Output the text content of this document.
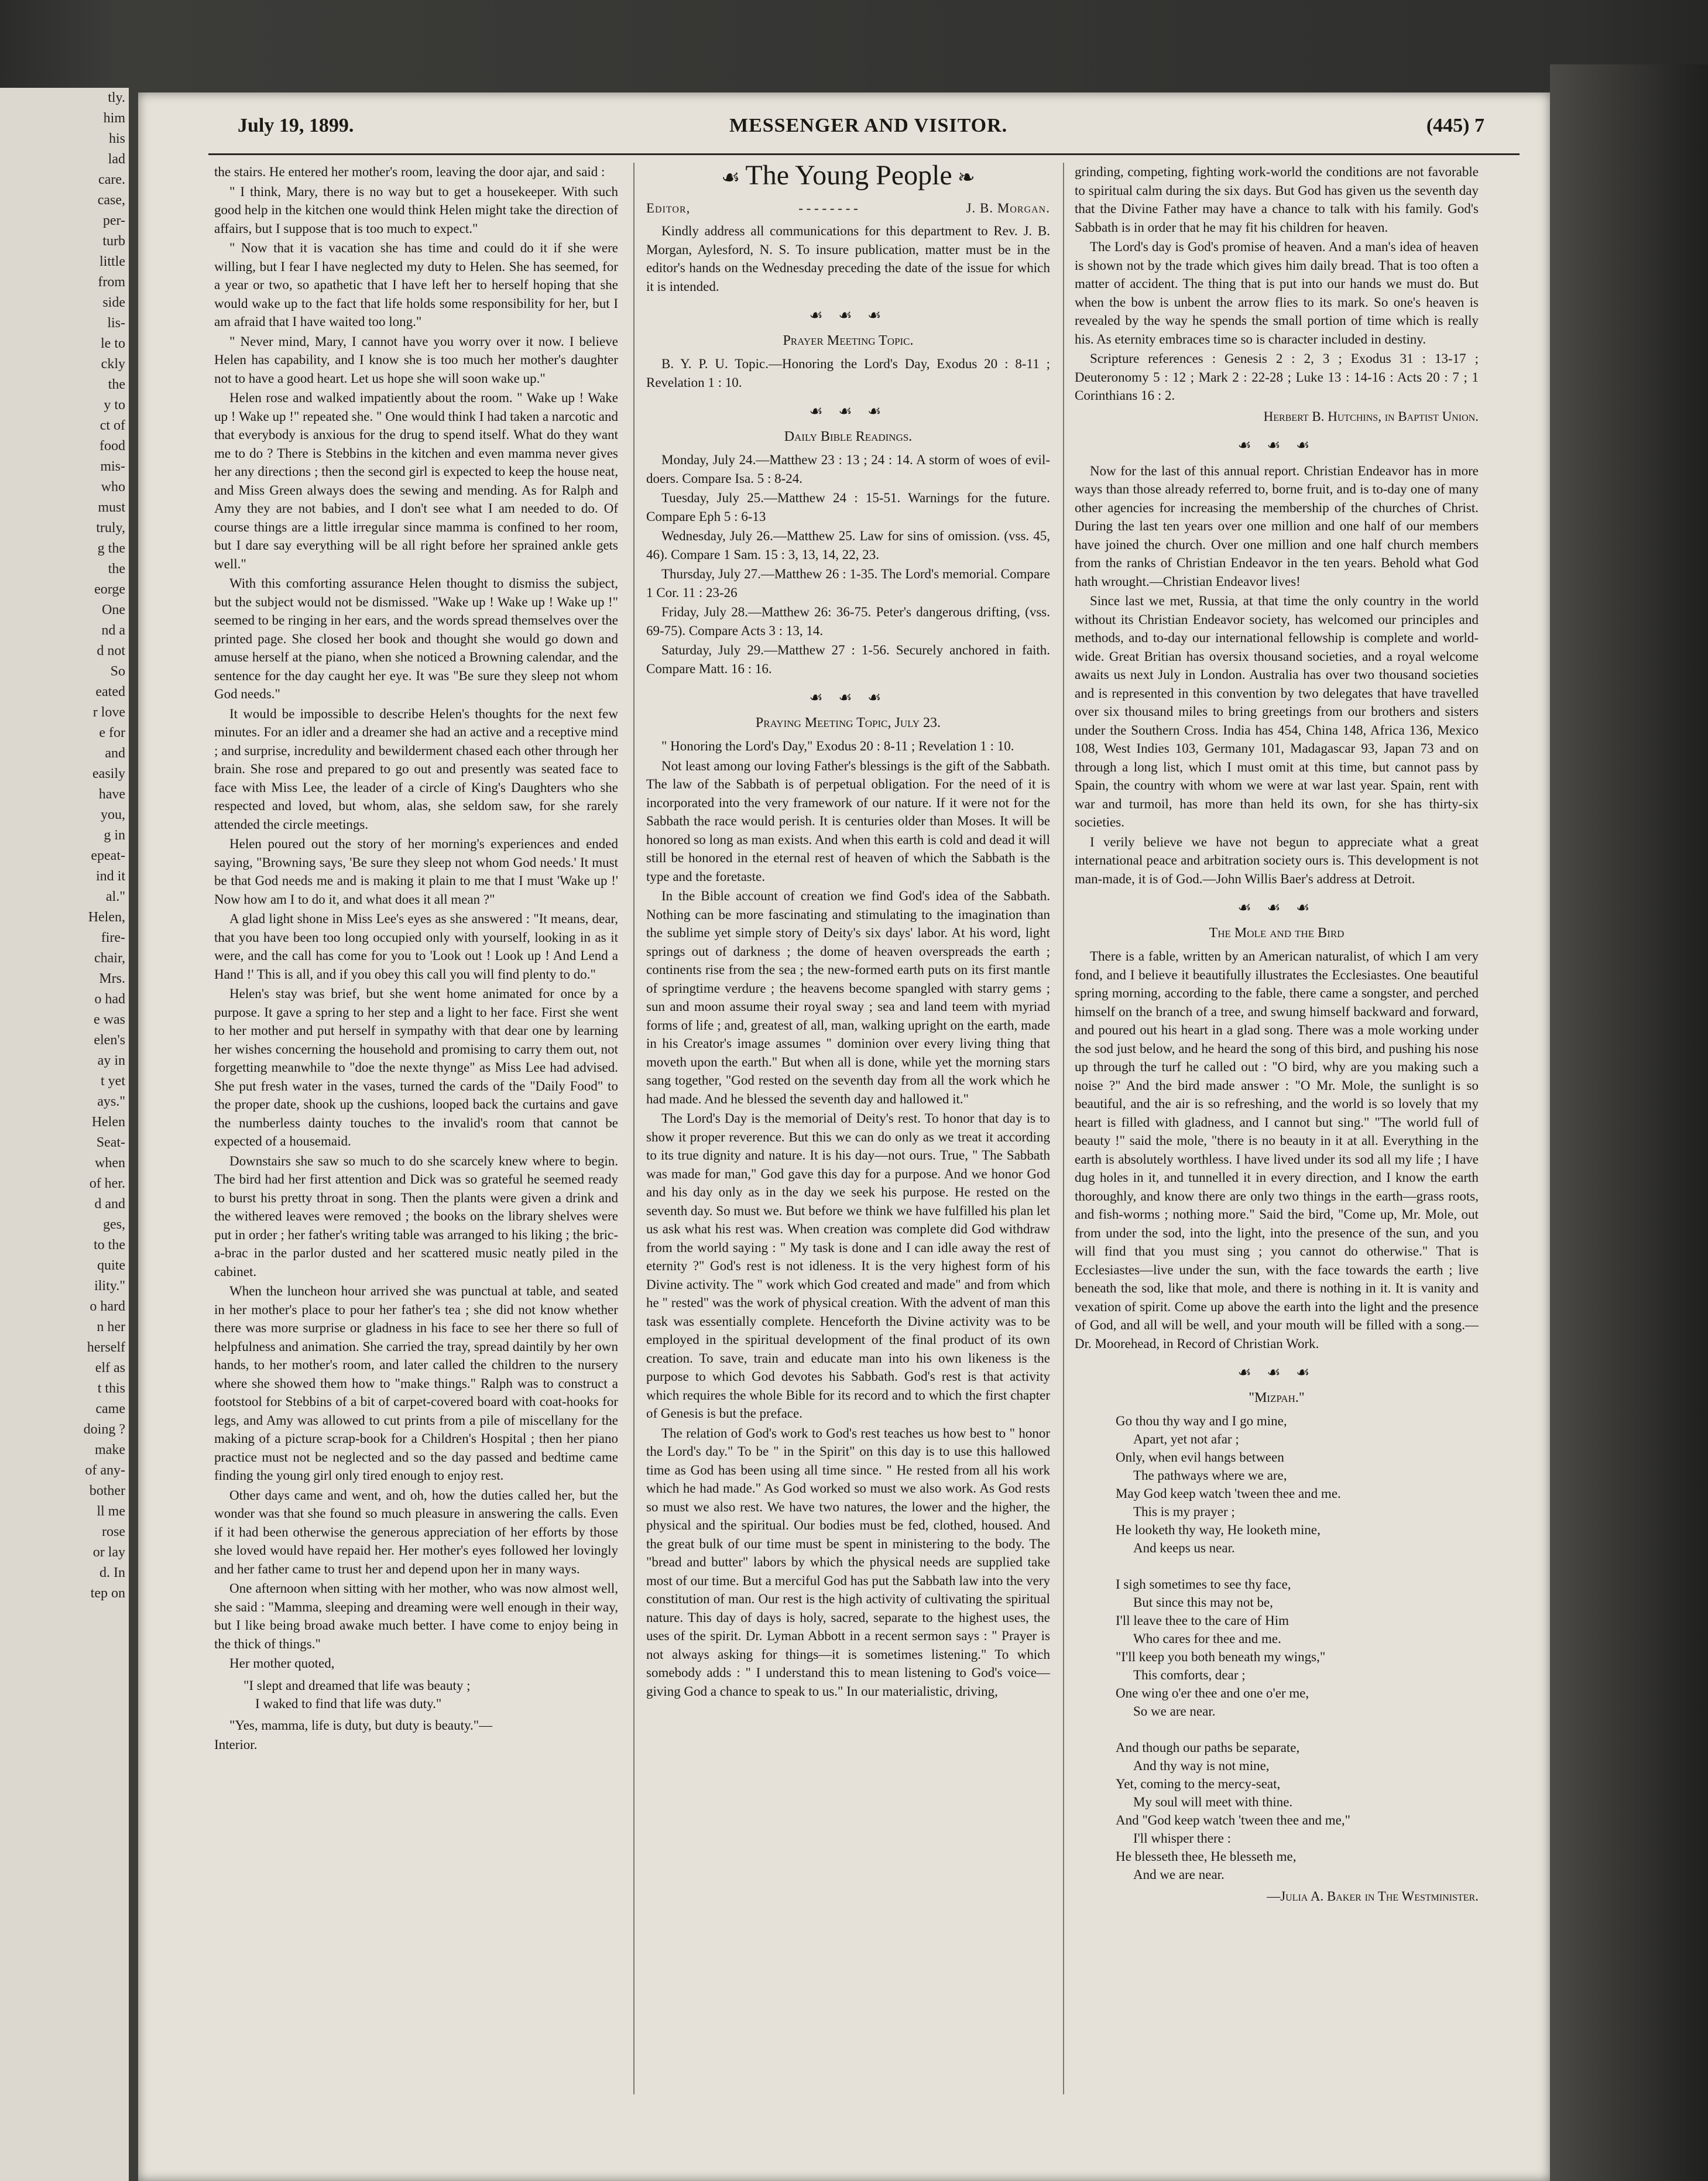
tly.
him
his
lad
care.
case,
per-
turb
little
from
side
lis-
le to
ckly
the
y to
ct of
food
mis-
who
must
truly,
g the
the
eorge
One
nd a
d not
So
eated
r love
e for
and
easily
have
you,
g in
epeat-
ind it
al."
Helen,
fire-
chair,
Mrs.
o had
e was
elen's
ay in
t yet
ays."
Helen
Seat-
when
of her.
d and
ges,
to the
quite
ility."
o hard
n her
herself
elf as
t this
came
doing ?
make
of any-
bother
ll me
rose
or lay
d. In
tep on
July 19, 1899.	MESSENGER AND VISITOR.	(445) 7

the stairs. He entered her mother's room, leaving the door ajar, and said :

" I think, Mary, there is no way but to get a housekeeper. With such good help in the kitchen one would think Helen might take the direction of affairs, but I suppose that is too much to expect."

" Now that it is vacation she has time and could do it if she were willing, but I fear I have neglected my duty to Helen. She has seemed, for a year or two, so apathetic that I have left her to herself hoping that she would wake up to the fact that life holds some responsibility for her, but I am afraid that I have waited too long."

" Never mind, Mary, I cannot have you worry over it now. I believe Helen has capability, and I know she is too much her mother's daughter not to have a good heart. Let us hope she will soon wake up."

Helen rose and walked impatiently about the room. " Wake up ! Wake up ! Wake up !" repeated she. " One would think I had taken a narcotic and that everybody is anxious for the drug to spend itself. What do they want me to do ? There is Stebbins in the kitchen and even mamma never gives her any directions ; then the second girl is expected to keep the house neat, and Miss Green always does the sewing and mending. As for Ralph and Amy they are not babies, and I don't see what I am needed to do. Of course things are a little irregular since mamma is confined to her room, but I dare say everything will be all right before her sprained ankle gets well."

With this comforting assurance Helen thought to dismiss the subject, but the subject would not be dismissed. "Wake up ! Wake up ! Wake up !" seemed to be ringing in her ears, and the words spread themselves over the printed page. She closed her book and thought she would go down and amuse herself at the piano, when she noticed a Browning calendar, and the sentence for the day caught her eye. It was "Be sure they sleep not whom God needs."

It would be impossible to describe Helen's thoughts for the next few minutes. For an idler and a dreamer she had an active and a receptive mind ; and surprise, incredulity and bewilderment chased each other through her brain. She rose and prepared to go out and presently was seated face to face with Miss Lee, the leader of a circle of King's Daughters who she respected and loved, but whom, alas, she seldom saw, for she rarely attended the circle meetings.

Helen poured out the story of her morning's experiences and ended saying, "Browning says, 'Be sure they sleep not whom God needs.' It must be that God needs me and is making it plain to me that I must 'Wake up !' Now how am I to do it, and what does it all mean ?"

A glad light shone in Miss Lee's eyes as she answered : "It means, dear, that you have been too long occupied only with yourself, looking in as it were, and the call has come for you to 'Look out ! Look up ! And Lend a Hand !' This is all, and if you obey this call you will find plenty to do."

Helen's stay was brief, but she went home animated for once by a purpose. It gave a spring to her step and a light to her face. First she went to her mother and put herself in sympathy with that dear one by learning her wishes concerning the household and promising to carry them out, not forgetting meanwhile to "doe the nexte thynge" as Miss Lee had advised. She put fresh water in the vases, turned the cards of the "Daily Food" to the proper date, shook up the cushions, looped back the curtains and gave the numberless dainty touches to the invalid's room that cannot be expected of a housemaid.

Downstairs she saw so much to do she scarcely knew where to begin. The bird had her first attention and Dick was so grateful he seemed ready to burst his pretty throat in song. Then the plants were given a drink and the withered leaves were removed ; the books on the library shelves were put in order ; her father's writing table was arranged to his liking ; the bric-a-brac in the parlor dusted and her scattered music neatly piled in the cabinet.

When the luncheon hour arrived she was punctual at table, and seated in her mother's place to pour her father's tea ; she did not know whether there was more surprise or gladness in his face to see her there so full of helpfulness and animation. She carried the tray, spread daintily by her own hands, to her mother's room, and later called the children to the nursery where she showed them how to "make things." Ralph was to construct a footstool for Stebbins of a bit of carpet-covered board with coat-hooks for legs, and Amy was allowed to cut prints from a pile of miscellany for the making of a picture scrap-book for a Children's Hospital ; then her piano practice must not be neglected and so the day passed and bedtime came finding the young girl only tired enough to enjoy rest.

Other days came and went, and oh, how the duties called her, but the wonder was that she found so much pleasure in answering the calls. Even if it had been otherwise the generous appreciation of her efforts by those she loved would have repaid her. Her mother's eyes followed her lovingly and her father came to trust her and depend upon her in many ways.

One afternoon when sitting with her mother, who was now almost well, she said : "Mamma, sleeping and dreaming were well enough in their way, but I like being broad awake much better. I have come to enjoy being in the thick of things."

Her mother quoted,

"I slept and dreamed that life was beauty ;
I waked to find that life was duty."

"Yes, mamma, life is duty, but duty is beauty."—

Interior.

☙ The Young People ❧
Editor,	- - - - - - - -	J. B. Morgan.

Kindly address all communications for this department to Rev. J. B. Morgan, Aylesford, N. S. To insure publication, matter must be in the editor's hands on the Wednesday preceding the date of the issue for which it is intended.

☙ ☙ ☙
Prayer Meeting Topic.

B. Y. P. U. Topic.—Honoring the Lord's Day, Exodus 20 : 8-11 ; Revelation 1 : 10.

☙ ☙ ☙
Daily Bible Readings.

Monday, July 24.—Matthew 23 : 13 ; 24 : 14. A storm of woes of evil-doers. Compare Isa. 5 : 8-24.

Tuesday, July 25.—Matthew 24 : 15-51. Warnings for the future. Compare Eph 5 : 6-13

Wednesday, July 26.—Matthew 25. Law for sins of omission. (vss. 45, 46). Compare 1 Sam. 15 : 3, 13, 14, 22, 23.

Thursday, July 27.—Matthew 26 : 1-35. The Lord's memorial. Compare 1 Cor. 11 : 23-26

Friday, July 28.—Matthew 26: 36-75. Peter's dangerous drifting, (vss. 69-75). Compare Acts 3 : 13, 14.

Saturday, July 29.—Matthew 27 : 1-56. Securely anchored in faith. Compare Matt. 16 : 16.

☙ ☙ ☙
Praying Meeting Topic, July 23.

" Honoring the Lord's Day," Exodus 20 : 8-11 ; Revelation 1 : 10.

Not least among our loving Father's blessings is the gift of the Sabbath. The law of the Sabbath is of perpetual obligation. For the need of it is incorporated into the very framework of our nature. If it were not for the Sabbath the race would perish. It is centuries older than Moses. It will be honored so long as man exists. And when this earth is cold and dead it will still be honored in the eternal rest of heaven of which the Sabbath is the type and the foretaste.

In the Bible account of creation we find God's idea of the Sabbath. Nothing can be more fascinating and stimulating to the imagination than the sublime yet simple story of Deity's six days' labor. At his word, light springs out of darkness ; the dome of heaven overspreads the earth ; continents rise from the sea ; the new-formed earth puts on its first mantle of springtime verdure ; the heavens become spangled with starry gems ; sun and moon assume their royal sway ; sea and land teem with myriad forms of life ; and, greatest of all, man, walking upright on the earth, made in his Creator's image assumes " dominion over every living thing that moveth upon the earth." But when all is done, while yet the morning stars sang together, "God rested on the seventh day from all the work which he had made. And he blessed the seventh day and hallowed it."

The Lord's Day is the memorial of Deity's rest. To honor that day is to show it proper reverence. But this we can do only as we treat it according to its true dignity and nature. It is his day—not ours. True, " The Sabbath was made for man," God gave this day for a purpose. And we honor God and his day only as in the day we seek his purpose. He rested on the seventh day. So must we. But before we think we have fulfilled his plan let us ask what his rest was. When creation was complete did God withdraw from the world saying : " My task is done and I can idle away the rest of eternity ?" God's rest is not idleness. It is the very highest form of his Divine activity. The " work which God created and made" and from which he " rested" was the work of physical creation. With the advent of man this task was essentially complete. Henceforth the Divine activity was to be employed in the spiritual development of the final product of its own creation. To save, train and educate man into his own likeness is the purpose to which God devotes his Sabbath. God's rest is that activity which requires the whole Bible for its record and to which the first chapter of Genesis is but the preface.

The relation of God's work to God's rest teaches us how best to " honor the Lord's day." To be " in the Spirit" on this day is to use this hallowed time as God has been using all time since. " He rested from all his work which he had made." As God worked so must we also work. As God rests so must we also rest. We have two natures, the lower and the higher, the physical and the spiritual. Our bodies must be fed, clothed, housed. And the great bulk of our time must be spent in ministering to the body. The "bread and butter" labors by which the physical needs are supplied take most of our time. But a merciful God has put the Sabbath law into the very constitution of man. Our rest is the high activity of cultivating the spiritual nature. This day of days is holy, sacred, separate to the highest uses, the uses of the spirit. Dr. Lyman Abbott in a recent sermon says : " Prayer is not always asking for things—it is sometimes listening." To which somebody adds : " I understand this to mean listening to God's voice—giving God a chance to speak to us." In our materialistic, driving,

grinding, competing, fighting work-world the conditions are not favorable to spiritual calm during the six days. But God has given us the seventh day that the Divine Father may have a chance to talk with his family. God's Sabbath is in order that he may fit his children for heaven.

The Lord's day is God's promise of heaven. And a man's idea of heaven is shown not by the trade which gives him daily bread. That is too often a matter of accident. The thing that is put into our hands we must do. But when the bow is unbent the arrow flies to its mark. So one's heaven is revealed by the way he spends the small portion of time which is really his. As eternity embraces time so is character included in destiny.

Scripture references : Genesis 2 : 2, 3 ; Exodus 31 : 13-17 ; Deuteronomy 5 : 12 ; Mark 2 : 22-28 ; Luke 13 : 14-16 : Acts 20 : 7 ; 1 Corinthians 16 : 2.

Herbert B. Hutchins, in Baptist Union.
☙ ☙ ☙

Now for the last of this annual report. Christian Endeavor has in more ways than those already referred to, borne fruit, and is to-day one of many other agencies for increasing the membership of the churches of Christ. During the last ten years over one million and one half of our members have joined the church. Over one million and one half church members from the ranks of Christian Endeavor in the ten years. Behold what God hath wrought.—Christian Endeavor lives!

Since last we met, Russia, at that time the only country in the world without its Christian Endeavor society, has welcomed our principles and methods, and to-day our international fellowship is complete and world-wide. Great Britian has oversix thousand societies, and a royal welcome awaits us next July in London. Australia has over two thousand societies and is represented in this convention by two delegates that have travelled over six thousand miles to bring greetings from our brothers and sisters under the Southern Cross. India has 454, China 148, Africa 136, Mexico 108, West Indies 103, Germany 101, Madagascar 93, Japan 73 and on through a long list, which I must omit at this time, but cannot pass by Spain, the country with whom we were at war last year. Spain, rent with war and turmoil, has more than held its own, for she has thirty-six societies.

I verily believe we have not begun to appreciate what a great international peace and arbitration society ours is. This development is not man-made, it is of God.—John Willis Baer's address at Detroit.

☙ ☙ ☙
The Mole and the Bird

There is a fable, written by an American naturalist, of which I am very fond, and I believe it beautifully illustrates the Ecclesiastes. One beautiful spring morning, according to the fable, there came a songster, and perched himself on the branch of a tree, and swung himself backward and forward, and poured out his heart in a glad song. There was a mole working under the sod just below, and he heard the song of this bird, and pushing his nose up through the turf he called out : "O bird, why are you making such a noise ?" And the bird made answer : "O Mr. Mole, the sunlight is so beautiful, and the air is so refreshing, and the world is so lovely that my heart is filled with gladness, and I cannot but sing." "The world full of beauty !" said the mole, "there is no beauty in it at all. Everything in the earth is absolutely worthless. I have lived under its sod all my life ; I have dug holes in it, and tunnelled it in every direction, and I know the earth thoroughly, and know there are only two things in the earth—grass roots, and fish-worms ; nothing more." Said the bird, "Come up, Mr. Mole, out from under the sod, into the light, into the presence of the sun, and you will find that you must sing ; you cannot do otherwise." That is Ecclesiastes—live under the sun, with the face towards the earth ; live beneath the sod, like that mole, and there is nothing in it. It is vanity and vexation of spirit. Come up above the earth into the light and the presence of God, and all will be well, and your mouth will be filled with a song.—Dr. Moorehead, in Record of Christian Work.

☙ ☙ ☙
"Mizpah."
Go thou thy way and I go mine,
Apart, yet not afar ;
Only, when evil hangs between
The pathways where we are,
May God keep watch 'tween thee and me.
This is my prayer ;
He looketh thy way, He looketh mine,
And keeps us near.

I sigh sometimes to see thy face,
But since this may not be,
I'll leave thee to the care of Him
Who cares for thee and me.
"I'll keep you both beneath my wings,"
This comforts, dear ;
One wing o'er thee and one o'er me,
So we are near.

And though our paths be separate,
And thy way is not mine,
Yet, coming to the mercy-seat,
My soul will meet with thine.
And "God keep watch 'tween thee and me,"
I'll whisper there :
He blesseth thee, He blesseth me,
And we are near.
—Julia A. Baker in The Westminister.
